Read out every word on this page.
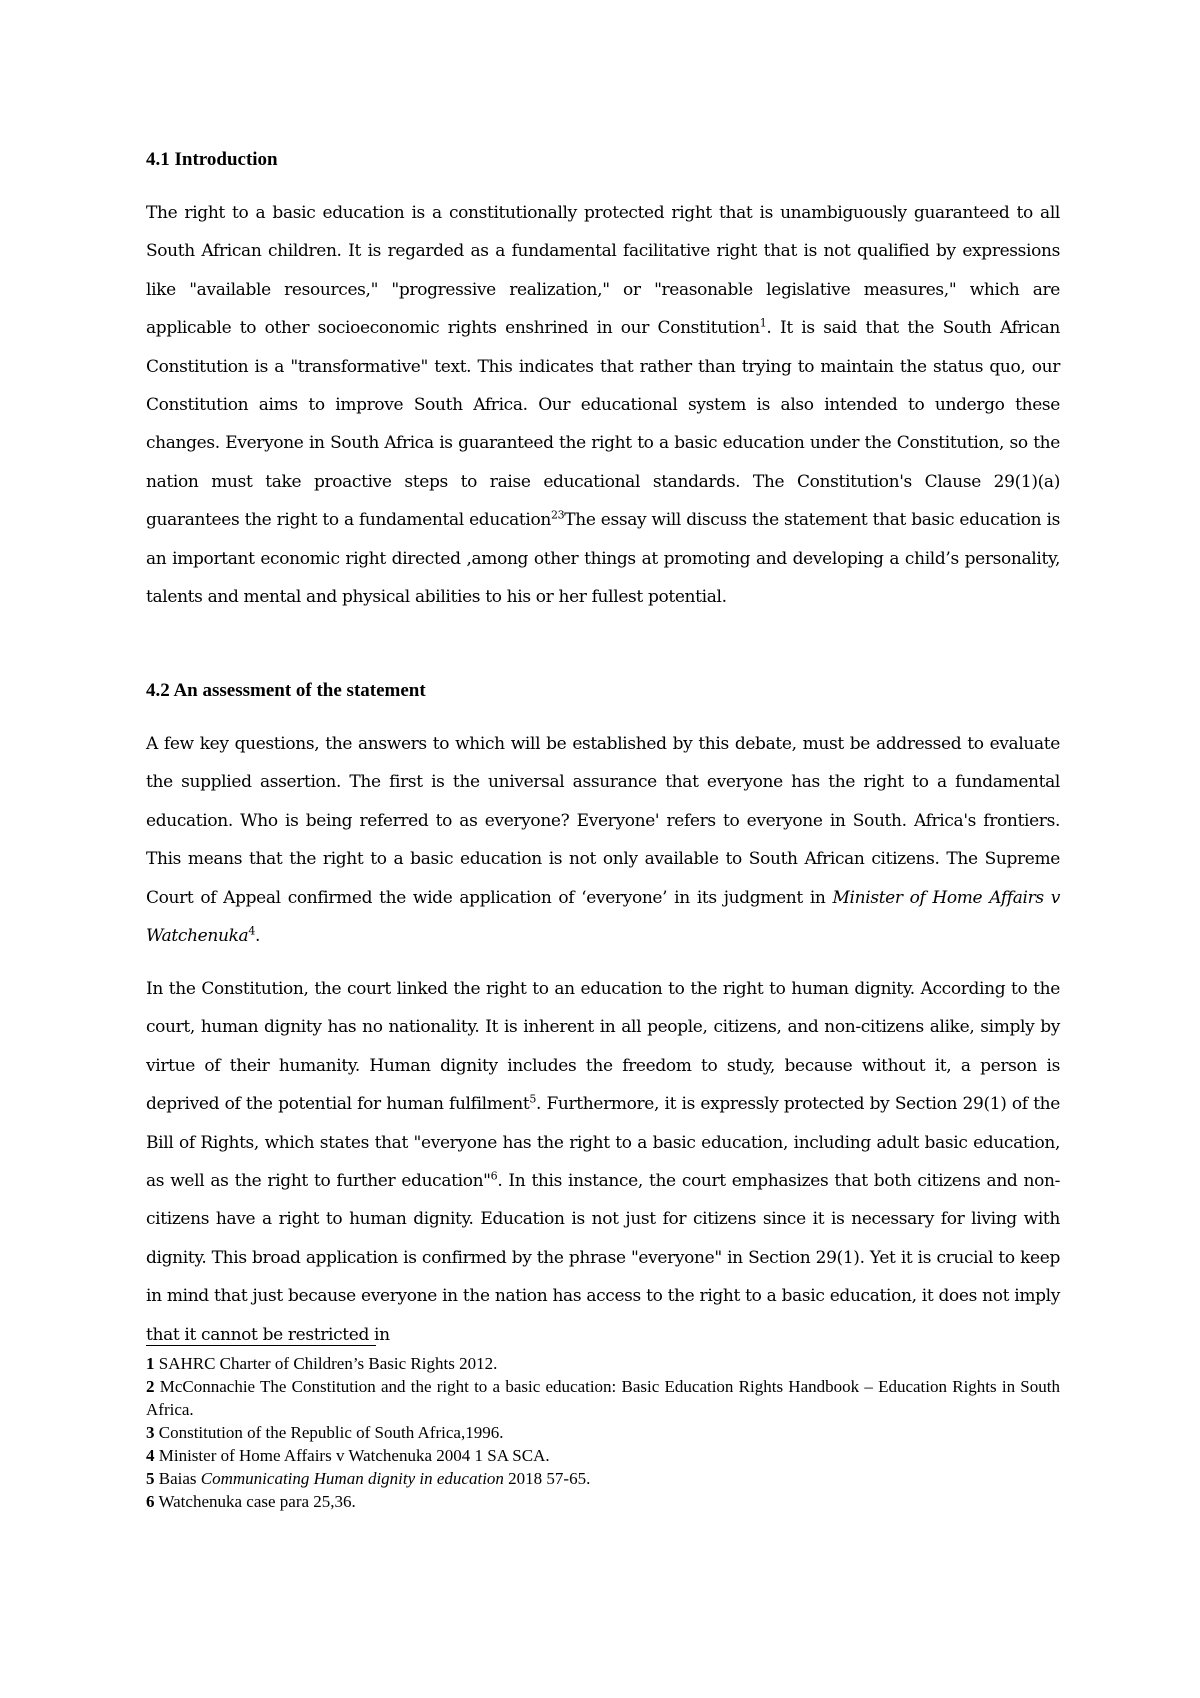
4.1 Introduction

The right to a basic education is a constitutionally protected right that is unambiguously guaranteed to all South African children. It is regarded as a fundamental facilitative right that is not qualified by expressions like "available resources," "progressive realization," or "reasonable legislative measures," which are applicable to other socioeconomic rights enshrined in our Constitution$^1$. It is said that the South African Constitution is a "transformative" text. This indicates that rather than trying to maintain the status quo, our Constitution aims to improve South Africa. Our educational system is also intended to undergo these changes. Everyone in South Africa is guaranteed the right to a basic education under the Constitution, so the nation must take proactive steps to raise educational standards. The Constitution's Clause 29(1)(a) guarantees the right to a fundamental education$^{23}$The essay will discuss the statement that basic education is an important economic right directed ,among other things at promoting and developing a child’s personality, talents and mental and physical abilities to his or her fullest potential.

4.2 An assessment of the statement

A few key questions, the answers to which will be established by this debate, must be addressed to evaluate the supplied assertion. The first is the universal assurance that everyone has the right to a fundamental education. Who is being referred to as everyone? Everyone' refers to everyone in South. Africa's frontiers. This means that the right to a basic education is not only available to South African citizens. The Supreme Court of Appeal confirmed the wide application of ‘everyone’ in its judgment in Minister of Home Affairs v Watchenuka$^4$.

In the Constitution, the court linked the right to an education to the right to human dignity. According to the court, human dignity has no nationality. It is inherent in all people, citizens, and non-citizens alike, simply by virtue of their humanity. Human dignity includes the freedom to study, because without it, a person is deprived of the potential for human fulfilment$^5$. Furthermore, it is expressly protected by Section 29(1) of the Bill of Rights, which states that "everyone has the right to a basic education, including adult basic education, as well as the right to further education"$^6$. In this instance, the court emphasizes that both citizens and non-citizens have a right to human dignity. Education is not just for citizens since it is necessary for living with dignity. This broad application is confirmed by the phrase "everyone" in Section 29(1). Yet it is crucial to keep in mind that just because everyone in the nation has access to the right to a basic education, it does not imply that it cannot be restricted in

1 SAHRC Charter of Children’s Basic Rights 2012.
2 McConnachie The Constitution and the right to a basic education: Basic Education Rights Handbook – Education Rights in South Africa.
3 Constitution of the Republic of South Africa,1996.
4 Minister of Home Affairs v Watchenuka 2004 1 SA SCA.
5 Baias Communicating Human dignity in education 2018 57-65.
6 Watchenuka case para 25,36.
